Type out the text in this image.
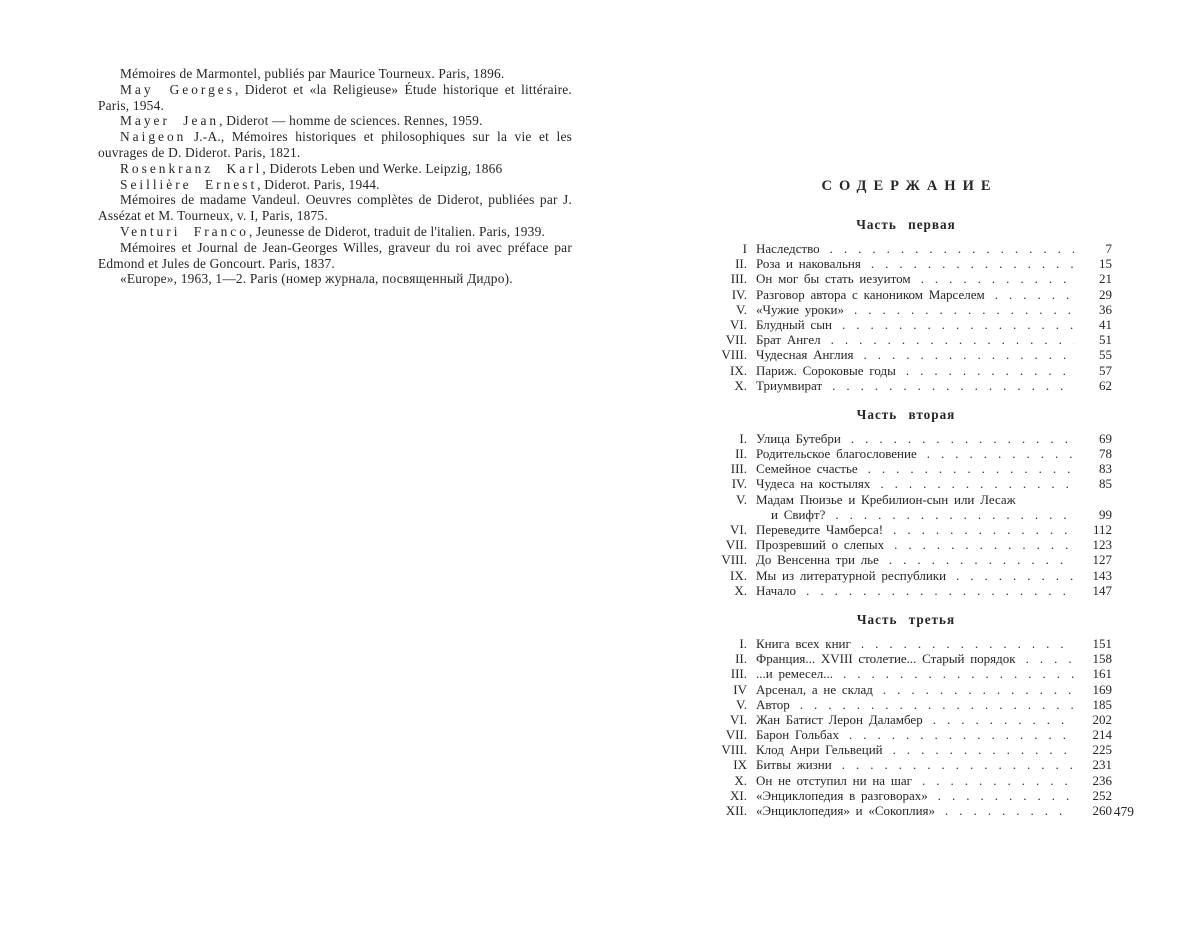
Mémoires de Marmontel, publiés par Maurice Tourneux. Paris, 1896.

May Georges, Diderot et «la Religieuse» Étude historique et littéraire. Paris, 1954.

Mayer Jean, Diderot — homme de sciences. Rennes, 1959.

Naigeon J.-A., Mémoires historiques et philosophiques sur la vie et les ouvrages de D. Diderot. Paris, 1821.

Rosenkranz Karl, Diderots Leben und Werke. Leipzig, 1866

Seillière Ernest, Diderot. Paris, 1944.

Mémoires de madame Vandeul. Oeuvres complètes de Diderot, publiées par J. Assézat et M. Tourneux, v. I, Paris, 1875.

Venturi Franco, Jeunesse de Diderot, traduit de l'italien. Paris, 1939.

Mémoires et Journal de Jean-Georges Willes, graveur du roi avec préface par Edmond et Jules de Goncourt. Paris, 1837.

«Europe», 1963, 1—2. Paris (номер журнала, посвященный Дидро).

СОДЕРЖАНИЕ
Часть первая
I Наследство .....	7
II. Роза и наковальня .....	15
III. Он мог бы стать иезуитом .....	21
IV. Разговор автора с каноником Марселем .....	29
V. «Чужие уроки» .....	36
VI. Блудный сын .....	41
VII. Брат Ангел .....	51
VIII. Чудесная Англия .....	55
IX. Париж. Сороковые годы .....	57
X. Триумвират .....	62
Часть вторая
I. Улица Бутебри .....	69
II. Родительское благословение .....	78
III. Семейное счастье .....	83
IV. Чудеса на костылях .....	85
V. Мадам Пюизье и Кребилион-сын или Лесаж
и Свифт? .....	99
VI. Переведите Чамберса! .....	112
VII. Прозревший о слепых .....	123
VIII. До Венсенна три лье .....	127
IX. Мы из литературной республики .....	143
X. Начало .....	147
Часть третья
I. Книга всех книг .....	151
II. Франция... XVIII столетие... Старый порядок .....	158
III. ...и ремесел... .....	161
IV Арсенал, а не склад .....	169
V. Автор .....	185
VI. Жан Батист Лерон Даламбер .....	202
VII. Барон Гольбах .....	214
VIII. Клод Анри Гельвеций .....	225
IX Битвы жизни .....	231
X. Он не отступил ни на шаг .....	236
XI. «Энциклопедия в разговорах» .....	252
XII. «Энциклопедия» и «Сокоплия» .....	260 479
